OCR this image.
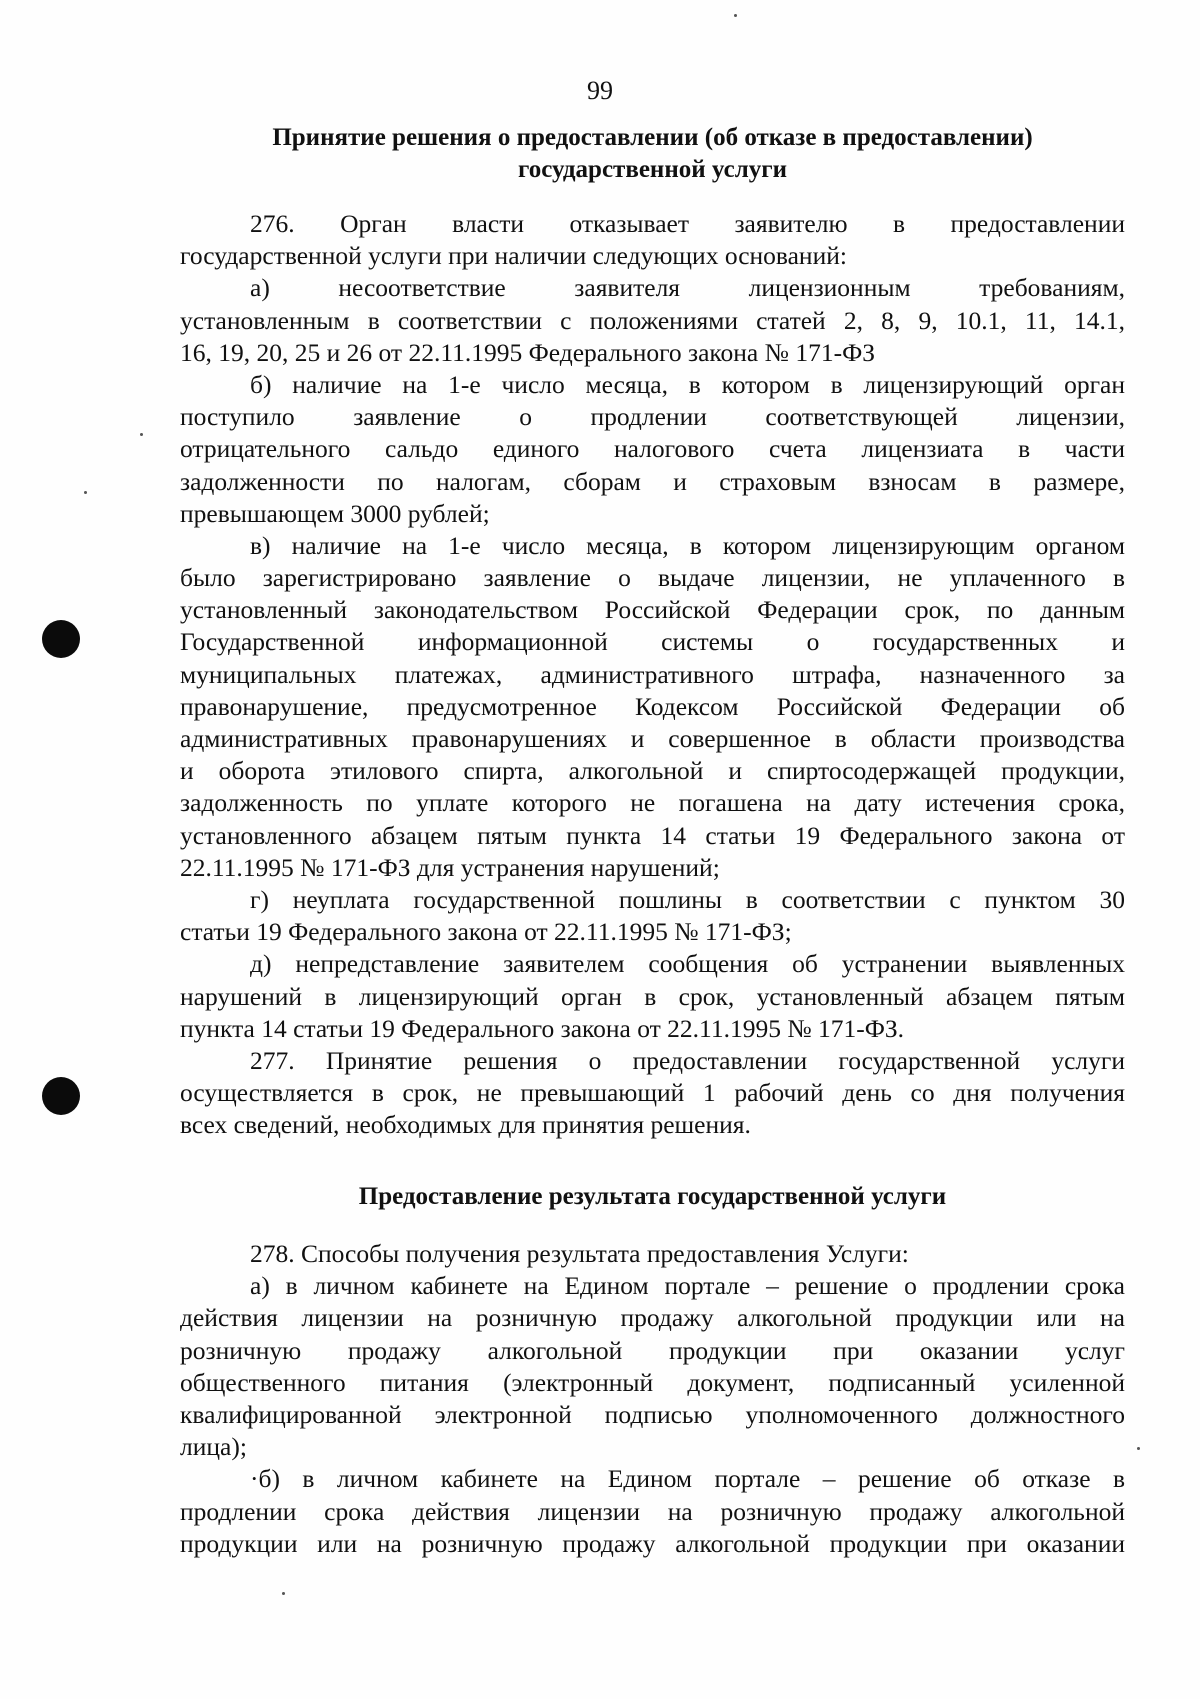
99
Принятие решения о предоставлении (об отказе в предоставлении)
государственной услуги
276. Орган власти отказывает заявителю в предоставлении
государственной услуги при наличии следующих оснований:
а) несоответствие заявителя лицензионным требованиям,
установленным в соответствии с положениями статей 2, 8, 9, 10.1, 11, 14.1,
16, 19, 20, 25 и 26 от 22.11.1995 Федерального закона № 171-ФЗ
б) наличие на 1-е число месяца, в котором в лицензирующий орган
поступило заявление о продлении соответствующей лицензии,
отрицательного сальдо единого налогового счета лицензиата в части
задолженности по налогам, сборам и страховым взносам в размере,
превышающем 3000 рублей;
в) наличие на 1-е число месяца, в котором лицензирующим органом
было зарегистрировано заявление о выдаче лицензии, не уплаченного в
установленный законодательством Российской Федерации срок, по данным
Государственной информационной системы о государственных и
муниципальных платежах, административного штрафа, назначенного за
правонарушение, предусмотренное Кодексом Российской Федерации об
административных правонарушениях и совершенное в области производства
и оборота этилового спирта, алкогольной и спиртосодержащей продукции,
задолженность по уплате которого не погашена на дату истечения срока,
установленного абзацем пятым пункта 14 статьи 19 Федерального закона от
22.11.1995 № 171-ФЗ для устранения нарушений;
г) неуплата государственной пошлины в соответствии с пунктом 30
статьи 19 Федерального закона от 22.11.1995 № 171-ФЗ;
д) непредставление заявителем сообщения об устранении выявленных
нарушений в лицензирующий орган в срок, установленный абзацем пятым
пункта 14 статьи 19 Федерального закона от 22.11.1995 № 171-ФЗ.
277. Принятие решения о предоставлении государственной услуги
осуществляется в срок, не превышающий 1 рабочий день со дня получения
всех сведений, необходимых для принятия решения.
Предоставление результата государственной услуги
278. Способы получения результата предоставления Услуги:
а) в личном кабинете на Едином портале – решение о продлении срока
действия лицензии на розничную продажу алкогольной продукции или на
розничную продажу алкогольной продукции при оказании услуг
общественного питания (электронный документ, подписанный усиленной
квалифицированной электронной подписью уполномоченного должностного
лица);
·б) в личном кабинете на Едином портале – решение об отказе в
продлении срока действия лицензии на розничную продажу алкогольной
продукции или на розничную продажу алкогольной продукции при оказании
